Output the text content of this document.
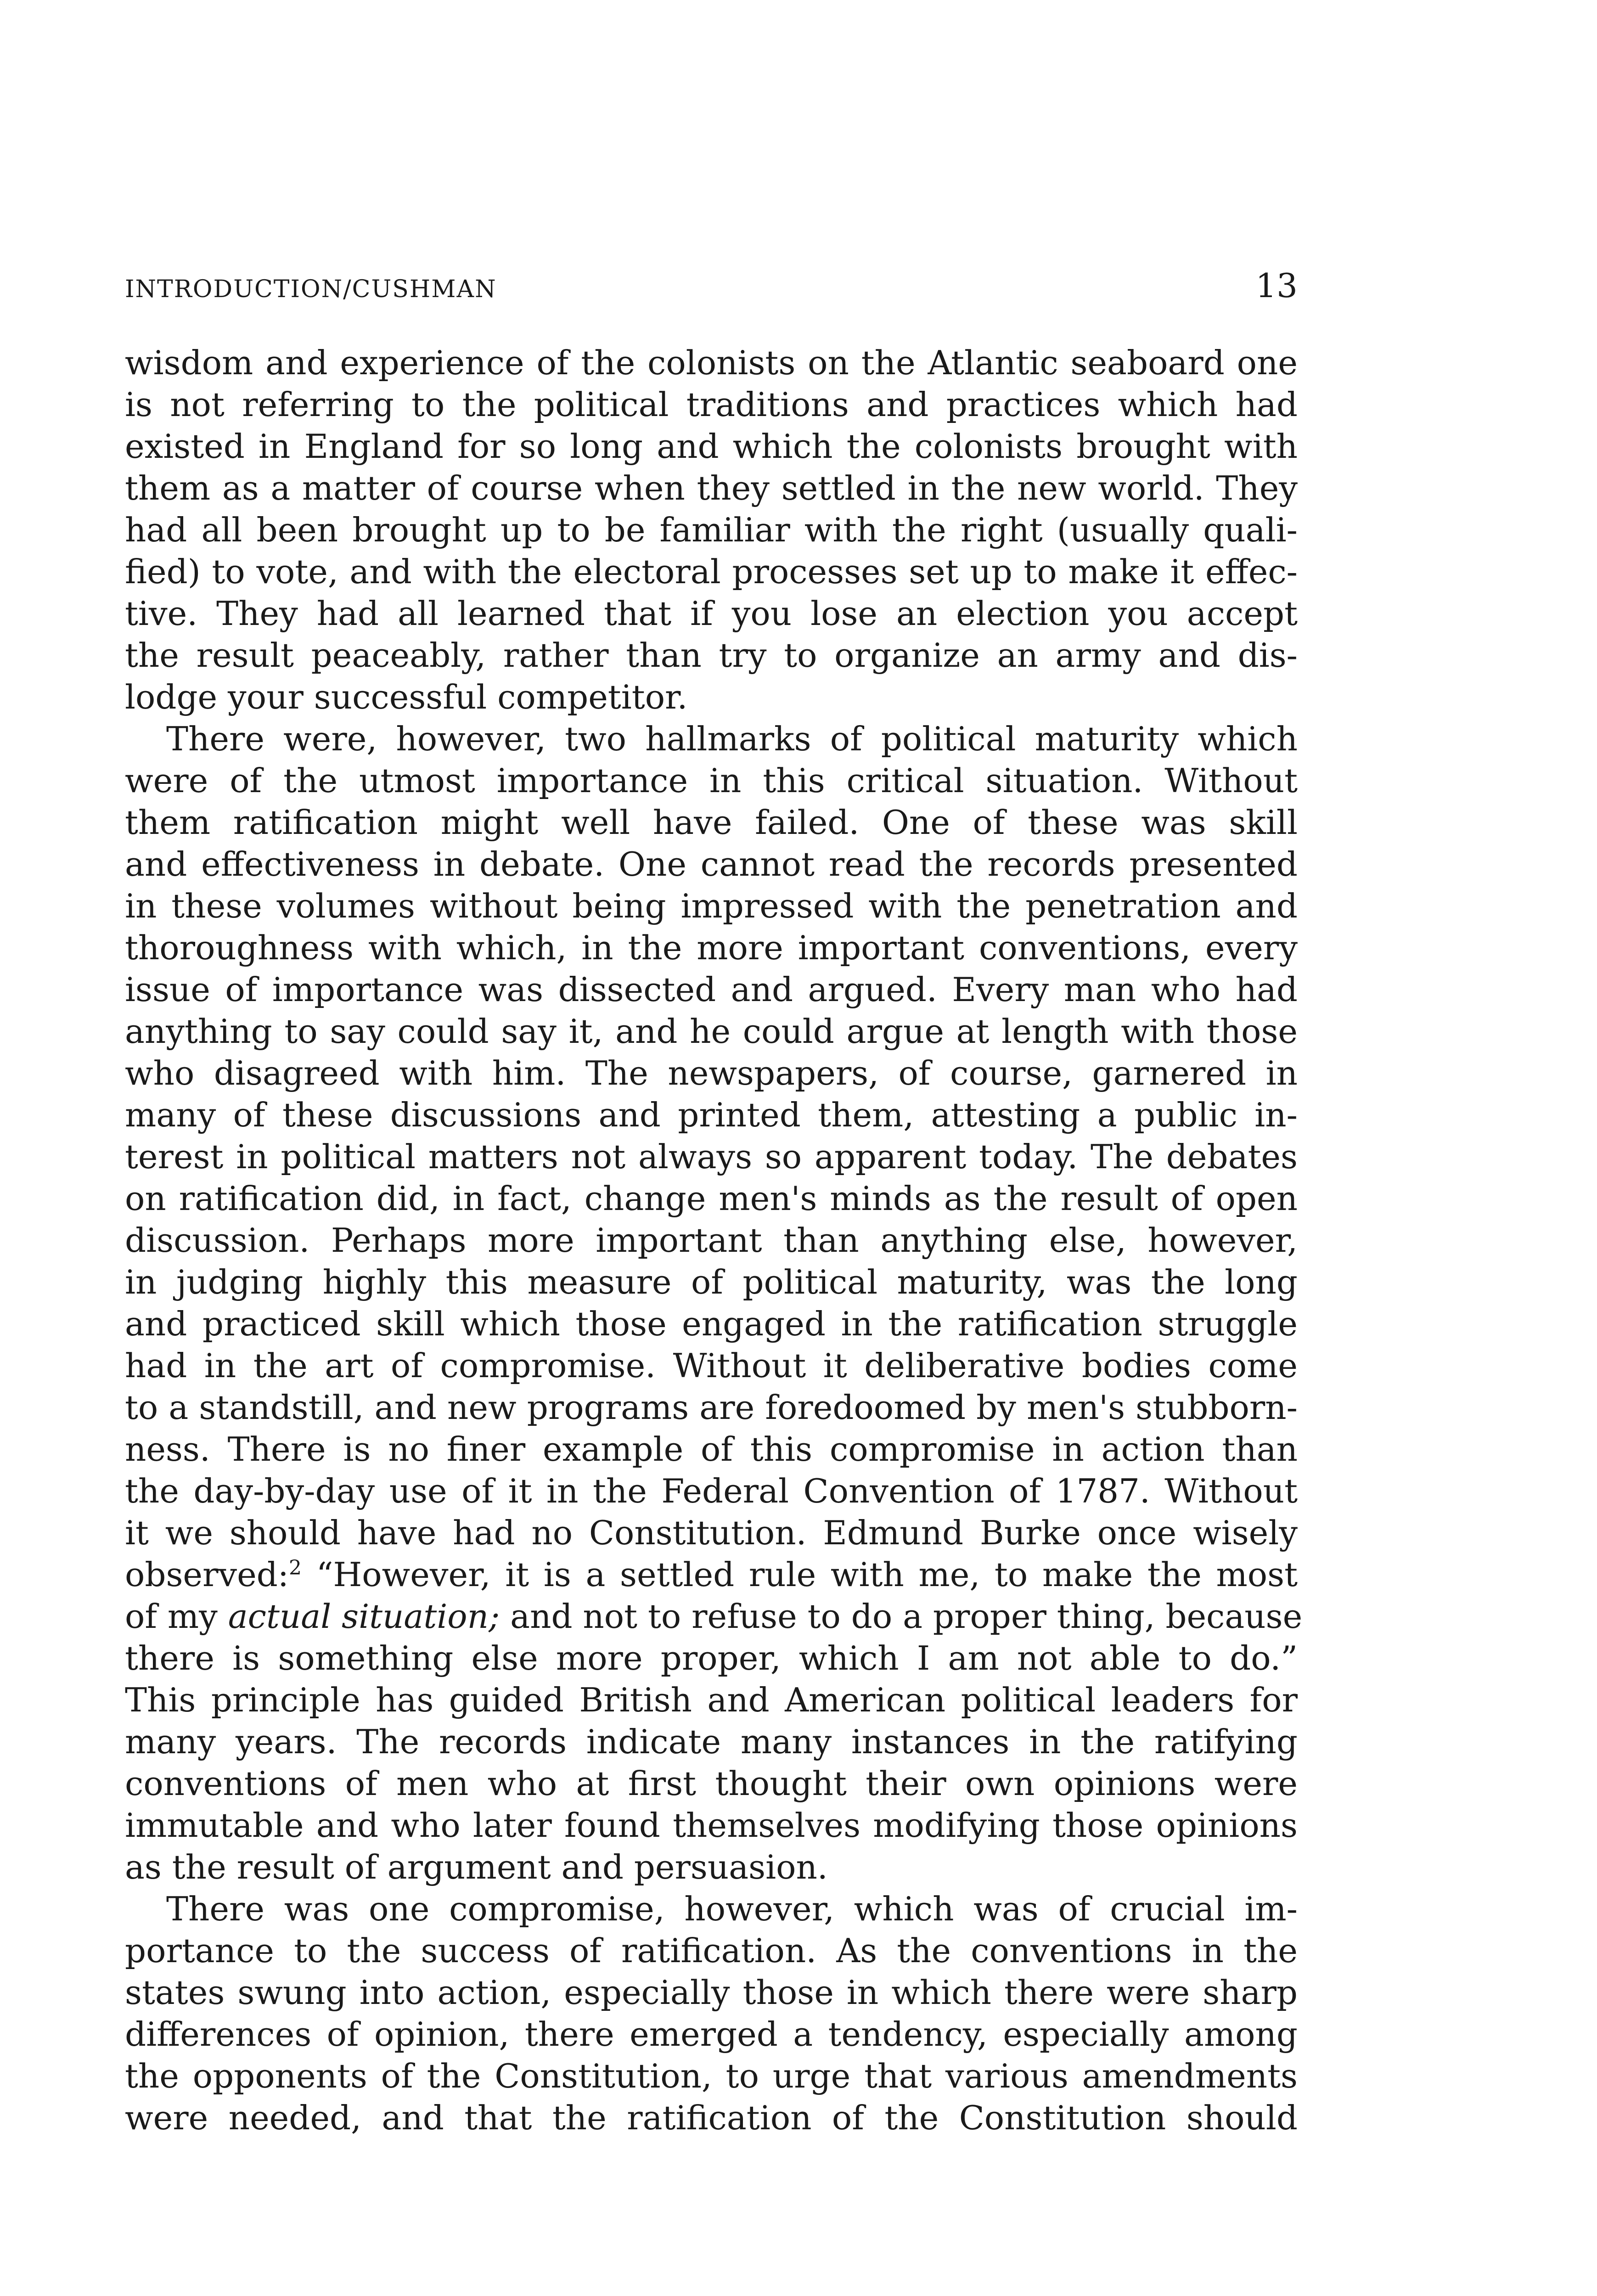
INTRODUCTION/CUSHMAN	13
wisdom and experience of the colonists on the Atlantic seaboard one
is not referring to the political traditions and practices which had
existed in England for so long and which the colonists brought with
them as a matter of course when they settled in the new world. They
had all been brought up to be familiar with the right (usually quali-
fied) to vote, and with the electoral processes set up to make it effec-
tive. They had all learned that if you lose an election you accept
the result peaceably, rather than try to organize an army and dis-
lodge your successful competitor.
There were, however, two hallmarks of political maturity which
were of the utmost importance in this critical situation. Without
them ratification might well have failed. One of these was skill
and effectiveness in debate. One cannot read the records presented
in these volumes without being impressed with the penetration and
thoroughness with which, in the more important conventions, every
issue of importance was dissected and argued. Every man who had
anything to say could say it, and he could argue at length with those
who disagreed with him. The newspapers, of course, garnered in
many of these discussions and printed them, attesting a public in-
terest in political matters not always so apparent today. The debates
on ratification did, in fact, change men's minds as the result of open
discussion. Perhaps more important than anything else, however,
in judging highly this measure of political maturity, was the long
and practiced skill which those engaged in the ratification struggle
had in the art of compromise. Without it deliberative bodies come
to a standstill, and new programs are foredoomed by men's stubborn-
ness. There is no finer example of this compromise in action than
the day-by-day use of it in the Federal Convention of 1787. Without
it we should have had no Constitution. Edmund Burke once wisely
observed:$^2$ “However, it is a settled rule with me, to make the most
of my actual situation; and not to refuse to do a proper thing, because
there is something else more proper, which I am not able to do.”
This principle has guided British and American political leaders for
many years. The records indicate many instances in the ratifying
conventions of men who at first thought their own opinions were
immutable and who later found themselves modifying those opinions
as the result of argument and persuasion.
There was one compromise, however, which was of crucial im-
portance to the success of ratification. As the conventions in the
states swung into action, especially those in which there were sharp
differences of opinion, there emerged a tendency, especially among
the opponents of the Constitution, to urge that various amendments
were needed, and that the ratification of the Constitution should
